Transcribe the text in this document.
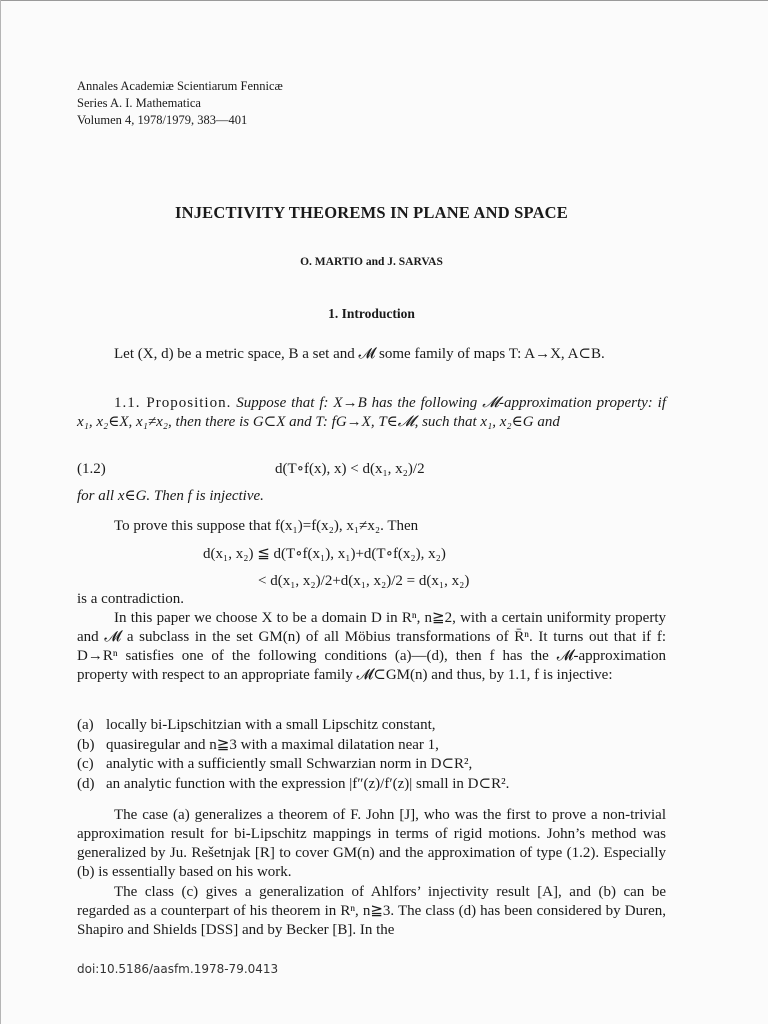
Annales Academiæ Scientiarum Fennicæ
Series A. I. Mathematica
Volumen 4, 1978/1979, 383—401
INJECTIVITY THEOREMS IN PLANE AND SPACE
O. MARTIO and J. SARVAS
1. Introduction

Let (X, d) be a metric space, B a set and 𝓜 some family of maps T: A→X, A⊂B.

1.1. Proposition. Suppose that f: X→B has the following 𝓜-approximation property: if x₁, x₂∈X, x₁≠x₂, then there is G⊂X and T: fG→X, T∈𝓜, such that x₁, x₂∈G and

(1.2)	d(T∘f(x), x) < d(x₁, x₂)/2

for all x∈G. Then f is injective.

To prove this suppose that f(x₁)=f(x₂), x₁≠x₂. Then

d(x₁, x₂) ≦ d(T∘f(x₁), x₁)+d(T∘f(x₂), x₂)
< d(x₁, x₂)/2+d(x₁, x₂)/2 = d(x₁, x₂)

is a contradiction.

In this paper we choose X to be a domain D in Rⁿ, n≧2, with a certain uniformity property and 𝓜 a subclass in the set GM(n) of all Möbius transformations of R̄ⁿ. It turns out that if f: D→Rⁿ satisfies one of the following conditions (a)—(d), then f has the 𝓜-approximation property with respect to an appropriate family 𝓜⊂GM(n) and thus, by 1.1, f is injective:

(a) locally bi-Lipschitzian with a small Lipschitz constant,
(b) quasiregular and n≧3 with a maximal dilatation near 1,
(c) analytic with a sufficiently small Schwarzian norm in D⊂R²,
(d) an analytic function with the expression |f″(z)/f′(z)| small in D⊂R².

The case (a) generalizes a theorem of F. John [J], who was the first to prove a non-trivial approximation result for bi-Lipschitz mappings in terms of rigid motions. John’s method was generalized by Ju. Rešetnjak [R] to cover GM(n) and the approximation of type (1.2). Especially (b) is essentially based on his work.

The class (c) gives a generalization of Ahlfors’ injectivity result [A], and (b) can be regarded as a counterpart of his theorem in Rⁿ, n≧3. The class (d) has been considered by Duren, Shapiro and Shields [DSS] and by Becker [B]. In the

doi:10.5186/aasfm.1978-79.0413
